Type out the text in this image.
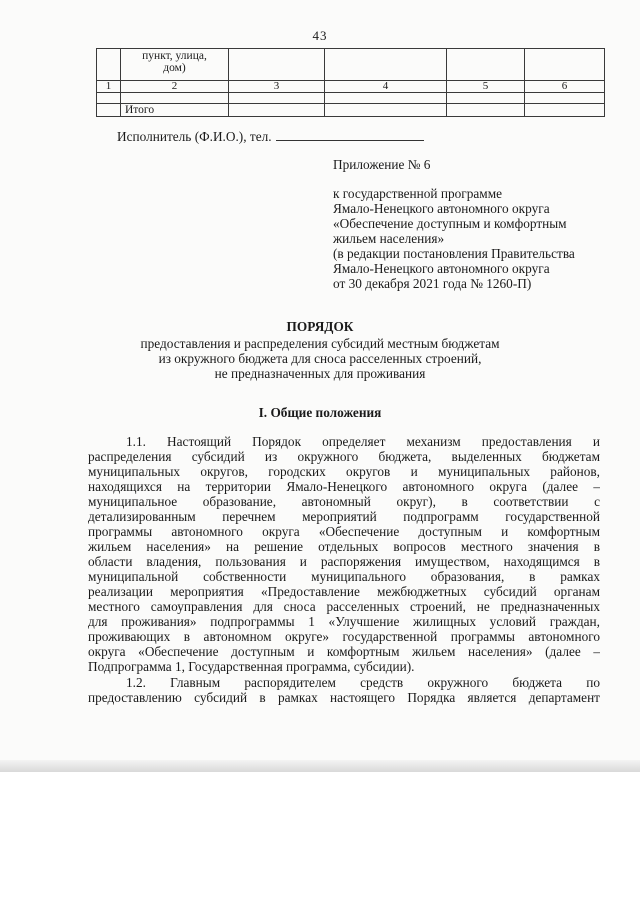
43
	пункт, улица,
дом)				
1	2	3	4	5	6

	Итого				
Исполнитель (Ф.И.О.), тел.
Приложение № 6
к государственной программе
Ямало-Ненецкого автономного округа
«Обеспечение доступным и комфортным
жильем населения»
(в редакции постановления Правительства
Ямало-Ненецкого автономного округа
от 30 декабря 2021 года № 1260-П)
ПОРЯДОК
предоставления и распределения субсидий местным бюджетам
из окружного бюджета для сноса расселенных строений,
не предназначенных для проживания
I. Общие положения
1.1. Настоящий Порядок определяет механизм предоставления и
распределения субсидий из окружного бюджета, выделенных бюджетам
муниципальных округов, городских округов и муниципальных районов,
находящихся на территории Ямало-Ненецкого автономного округа (далее –
муниципальное образование, автономный округ), в соответствии с
детализированным перечнем мероприятий подпрограмм государственной
программы автономного округа «Обеспечение доступным и комфортным
жильем населения» на решение отдельных вопросов местного значения в
области владения, пользования и распоряжения имуществом, находящимся в
муниципальной собственности муниципального образования, в рамках
реализации мероприятия «Предоставление межбюджетных субсидий органам
местного самоуправления для сноса расселенных строений, не предназначенных
для проживания» подпрограммы 1 «Улучшение жилищных условий граждан,
проживающих в автономном округе» государственной программы автономного
округа «Обеспечение доступным и комфортным жильем населения» (далее –
Подпрограмма 1, Государственная программа, субсидии).
1.2. Главным распорядителем средств окружного бюджета по
предоставлению субсидий в рамках настоящего Порядка является департамент
